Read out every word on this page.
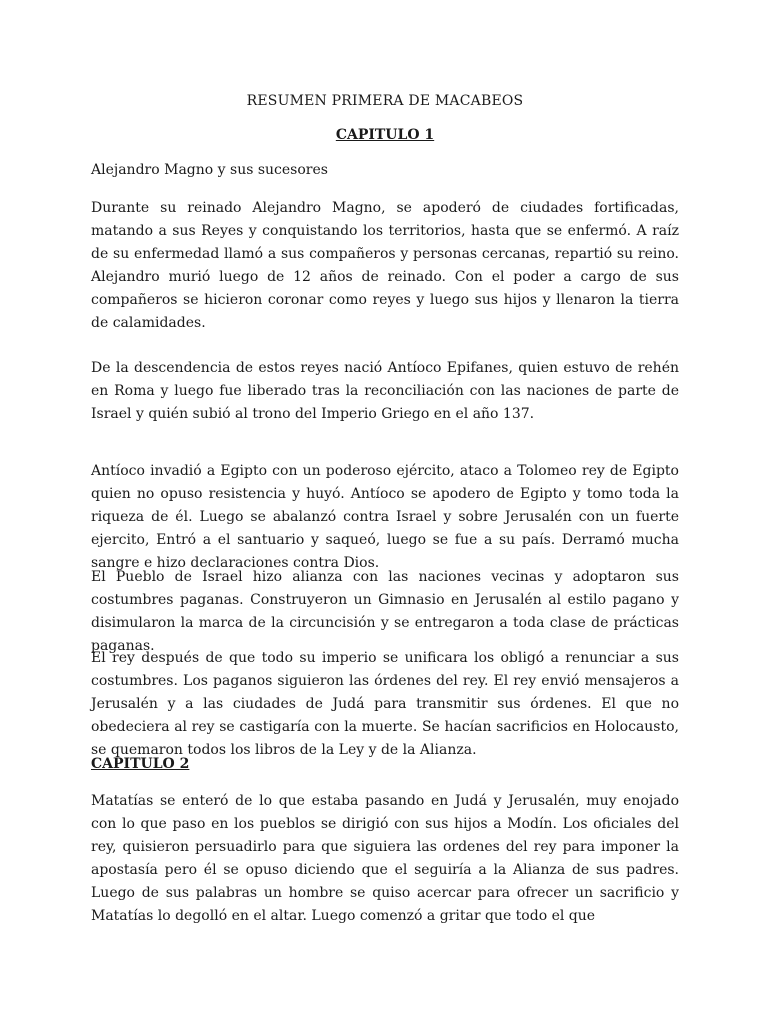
RESUMEN PRIMERA DE MACABEOS
CAPITULO 1
Alejandro Magno y sus sucesores

Durante su reinado Alejandro Magno, se apoderó de ciudades fortificadas, matando a sus Reyes y conquistando los territorios, hasta que se enfermó. A raíz de su enfermedad llamó a sus compañeros y personas cercanas, repartió su reino. Alejandro murió luego de 12 años de reinado. Con el poder a cargo de sus compañeros se hicieron coronar como reyes y luego sus hijos y llenaron la tierra de calamidades.

De la descendencia de estos reyes nació Antíoco Epifanes, quien estuvo de rehén en Roma y luego fue liberado tras la reconciliación con las naciones de parte de Israel y quién subió al trono del Imperio Griego en el año 137.

Antíoco invadió a Egipto con un poderoso ejército, ataco a Tolomeo rey de Egipto quien no opuso resistencia y huyó. Antíoco se apodero de Egipto y tomo toda la riqueza de él. Luego se abalanzó contra Israel y sobre Jerusalén con un fuerte ejercito, Entró a el santuario y saqueó, luego se fue a su país. Derramó mucha sangre e hizo declaraciones contra Dios.

El Pueblo de Israel hizo alianza con las naciones vecinas y adoptaron sus costumbres paganas. Construyeron un Gimnasio en Jerusalén al estilo pagano y disimularon la marca de la circuncisión y se entregaron a toda clase de prácticas paganas.

El rey después de que todo su imperio se unificara los obligó a renunciar a sus costumbres. Los paganos siguieron las órdenes del rey. El rey envió mensajeros a Jerusalén y a las ciudades de Judá para transmitir sus órdenes. El que no obedeciera al rey se castigaría con la muerte. Se hacían sacrificios en Holocausto, se quemaron todos los libros de la Ley y de la Alianza.

CAPITULO 2

Matatías se enteró de lo que estaba pasando en Judá y Jerusalén, muy enojado con lo que paso en los pueblos se dirigió con sus hijos a Modín. Los oficiales del rey, quisieron persuadirlo para que siguiera las ordenes del rey para imponer la apostasía pero él se opuso diciendo que el seguiría a la Alianza de sus padres. Luego de sus palabras un hombre se quiso acercar para ofrecer un sacrificio y Matatías lo degolló en el altar. Luego comenzó a gritar que todo el que
